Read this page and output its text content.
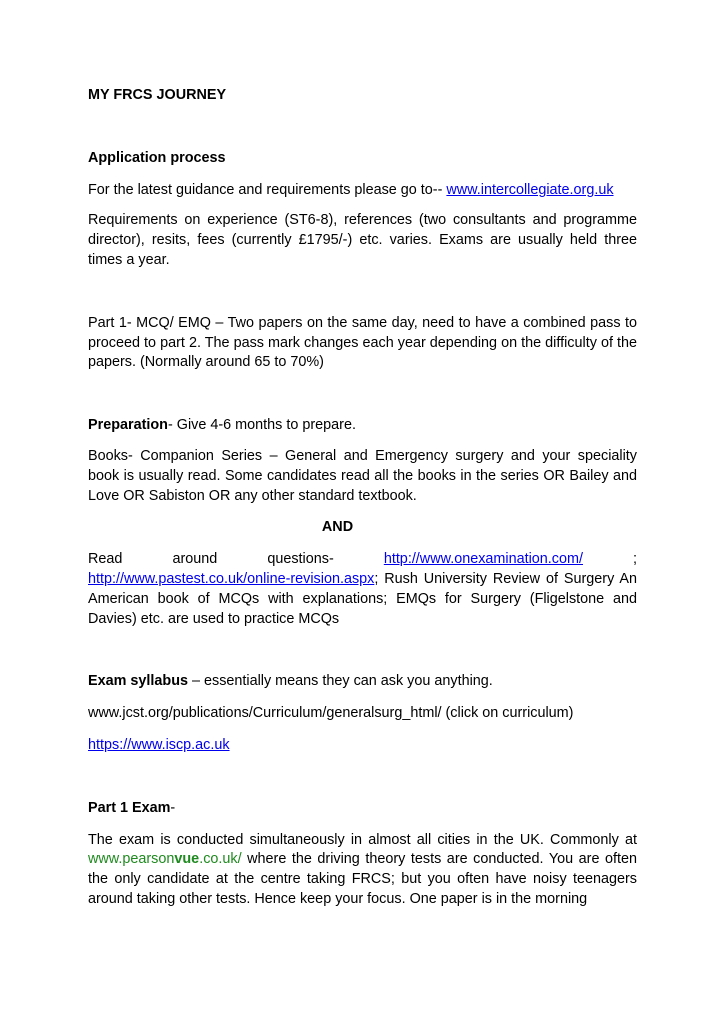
MY FRCS JOURNEY

Application process

For the latest guidance and requirements please go to-- www.intercollegiate.org.uk

Requirements on experience (ST6-8), references (two consultants and programme director), resits, fees (currently £1795/-) etc. varies. Exams are usually held three times a year.

Part 1- MCQ/ EMQ – Two papers on the same day, need to have a combined pass to proceed to part 2. The pass mark changes each year depending on the difficulty of the papers. (Normally around 65 to 70%)

Preparation- Give 4-6 months to prepare.

Books- Companion Series – General and Emergency surgery and your speciality book is usually read. Some candidates read all the books in the series OR Bailey and Love OR Sabiston OR any other standard textbook.

AND

Read	around	questions-	http://www.onexamination.com/	;
http://www.pastest.co.uk/online-revision.aspx; Rush University Review of Surgery An American book of MCQs with explanations; EMQs for Surgery (Fligelstone and Davies) etc. are used to practice MCQs

Exam syllabus – essentially means they can ask you anything.

www.jcst.org/publications/Curriculum/generalsurg_html/ (click on curriculum)

https://www.iscp.ac.uk

Part 1 Exam-

The exam is conducted simultaneously in almost all cities in the UK. Commonly at www.pearsonvue.co.uk/ where the driving theory tests are conducted. You are often the only candidate at the centre taking FRCS; but you often have noisy teenagers around taking other tests. Hence keep your focus. One paper is in the morning
